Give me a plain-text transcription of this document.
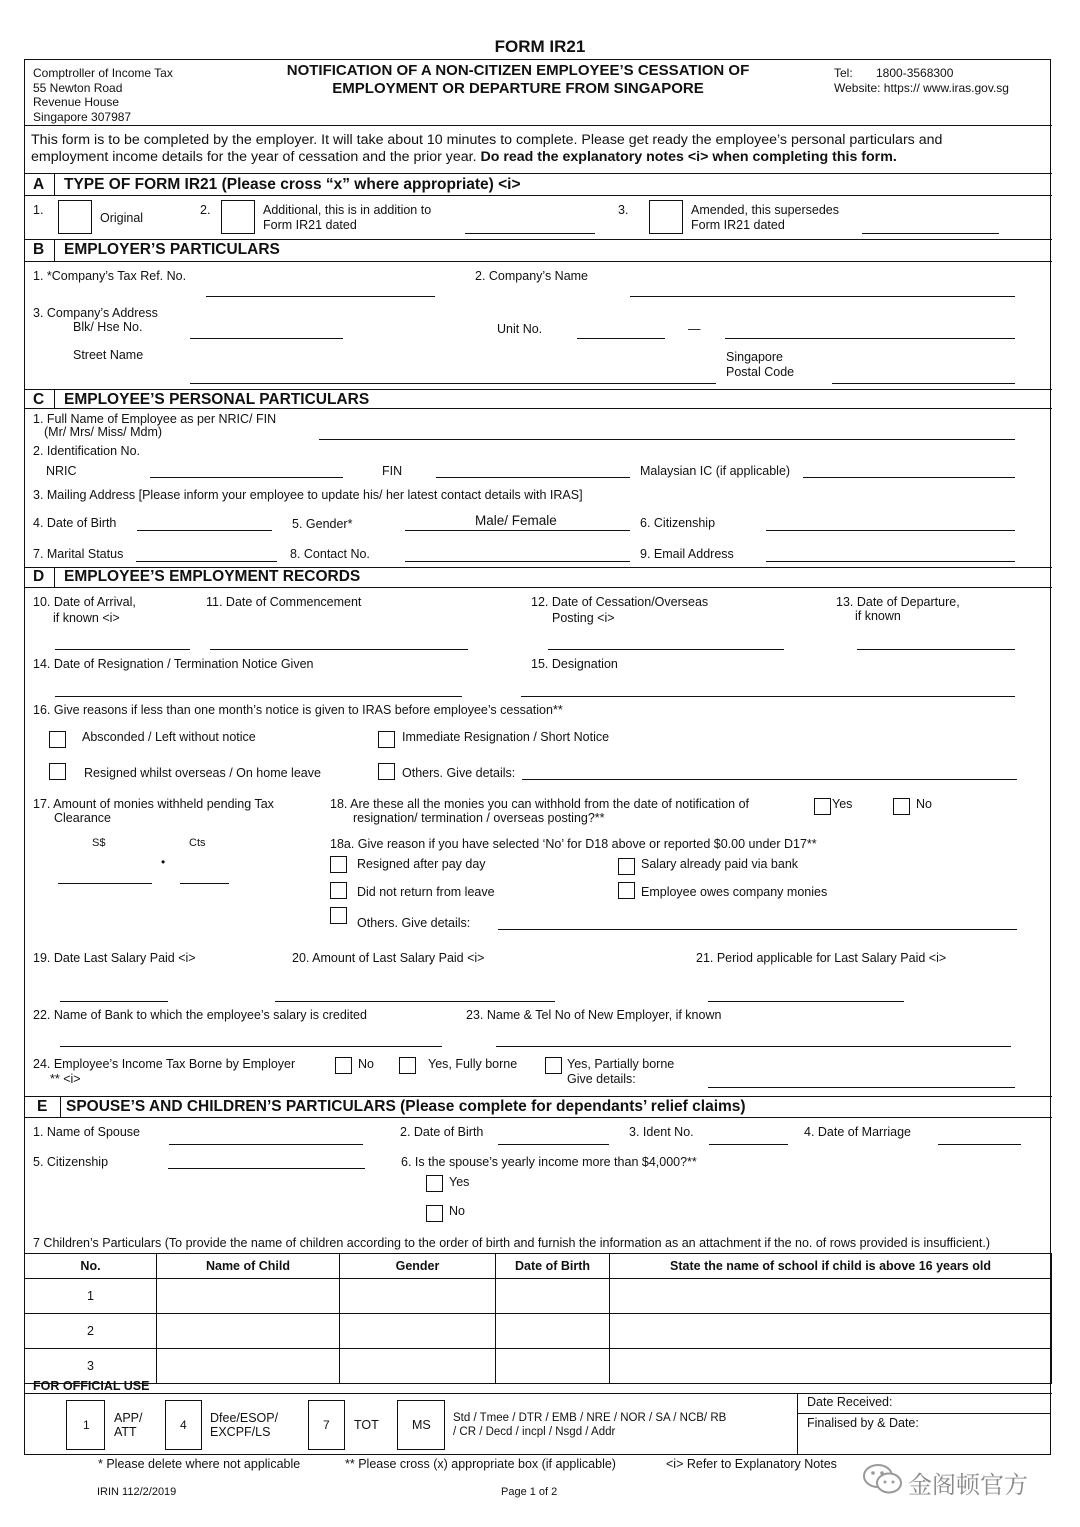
FORM IR21
Comptroller of Income Tax
55 Newton Road
Revenue House
Singapore 307987
NOTIFICATION OF A NON-CITIZEN EMPLOYEE’S CESSATION OF
EMPLOYMENT OR DEPARTURE FROM SINGAPORE
Tel: 1800-3568300
Website: https:// www.iras.gov.sg
This form is to be completed by the employer. It will take about 10 minutes to complete. Please get ready the employee’s personal particulars and
employment income details for the year of cessation and the prior year. Do read the explanatory notes <i> when completing this form.
A TYPE OF FORM IR21 (Please cross “x” where appropriate) <i>
1.
Original
2.	Additional, this is in addition to
Form IR21 dated
3.	Amended, this supersedes
Form IR21 dated
B EMPLOYER’S PARTICULARS
1. *Company’s Tax Ref. No.	2. Company’s Name
3. Company’s Address
Blk/ Hse No.	Unit No.	—
Street Name	Singapore
Postal Code
C EMPLOYEE’S PERSONAL PARTICULARS
1. Full Name of Employee as per NRIC/ FIN
(Mr/ Mrs/ Miss/ Mdm)
2. Identification No.
NRIC	FIN	Malaysian IC (if applicable)
3. Mailing Address [Please inform your employee to update his/ her latest contact details with IRAS]
4. Date of Birth	5. Gender*	Male/ Female	6. Citizenship
7. Marital Status	8. Contact No.	9. Email Address
D EMPLOYEE’S EMPLOYMENT RECORDS
10. Date of Arrival,
if known <i>
11. Date of Commencement	12. Date of Cessation/Overseas
Posting <i>
13. Date of Departure,
if known
14. Date of Resignation / Termination Notice Given	15. Designation
16. Give reasons if less than one month’s notice is given to IRAS before employee’s cessation**
Absconded / Left without notice	Immediate Resignation / Short Notice
Resigned whilst overseas / On home leave	Others. Give details:
17. Amount of monies withheld pending Tax
Clearance
S$	Cts
•
18. Are these all the monies you can withhold from the date of notification of
resignation/ termination / overseas posting?**
Yes	No
18a. Give reason if you have selected ‘No’ for D18 above or reported $0.00 under D17**
Resigned after pay day	Salary already paid via bank
Did not return from leave	Employee owes company monies
Others. Give details:
19. Date Last Salary Paid <i>	20. Amount of Last Salary Paid <i>	21. Period applicable for Last Salary Paid <i>
22. Name of Bank to which the employee’s salary is credited	23. Name & Tel No of New Employer, if known
24. Employee’s Income Tax Borne by Employer
** <i>
No	Yes, Fully borne	Yes, Partially borne
Give details:
E SPOUSE’S AND CHILDREN’S PARTICULARS (Please complete for dependants’ relief claims)
1. Name of Spouse	2. Date of Birth	3. Ident No.	4. Date of Marriage
5. Citizenship	6. Is the spouse’s yearly income more than $4,000?**
Yes
No
7 Children’s Particulars (To provide the name of children according to the order of birth and furnish the information as an attachment if the no. of rows provided is insufficient.)
No.	Name of Child	Gender	Date of Birth	State the name of school if child is above 16 years old
1				
2				
3				
FOR OFFICIAL USE
1 APP/
ATT	4 Dfee/ESOP/
EXCPF/LS	7 TOT	MS Std / Tmee / DTR / EMB / NRE / NOR / SA / NCB/ RB
/ CR / Decd / incpl / Nsgd / Addr
Date Received:
Finalised by & Date:
* Please delete where not applicable	** Please cross (x) appropriate box (if applicable)	<i> Refer to Explanatory Notes
IRIN 112/2/2019	Page 1 of 2	金阁顿官方
